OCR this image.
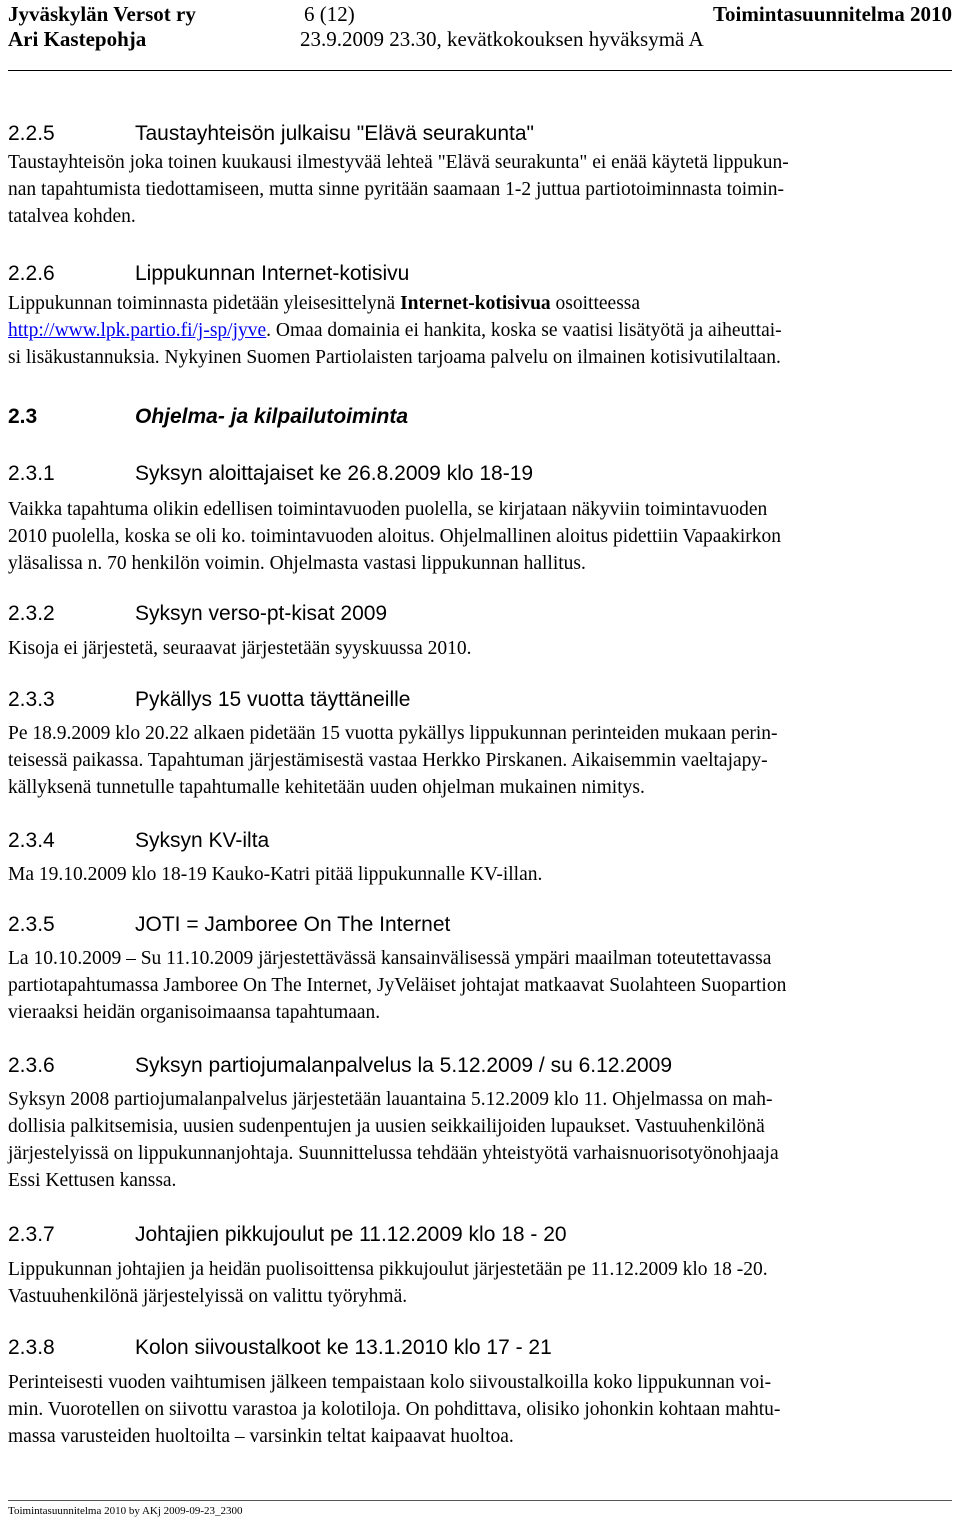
Jyväskylän Versot ry	6 (12)	Toimintasuunnitelma 2010
Ari Kastepohja	23.9.2009 23.30, kevätkokouksen hyväksymä A
2.2.5	Taustayhteisön julkaisu "Elävä seurakunta"
Taustayhteisön joka toinen kuukausi ilmestyvää lehteä "Elävä seurakunta" ei enää käytetä lippukun-
nan tapahtumista tiedottamiseen, mutta sinne pyritään saamaan 1-2 juttua partiotoiminnasta toimin-
tatalvea kohden.
2.2.6	Lippukunnan Internet-kotisivu
Lippukunnan toiminnasta pidetään yleisesittelynä Internet-kotisivua osoitteessa
http://www.lpk.partio.fi/j-sp/jyve. Omaa domainia ei hankita, koska se vaatisi lisätyötä ja aiheuttai-
si lisäkustannuksia. Nykyinen Suomen Partiolaisten tarjoama palvelu on ilmainen kotisivutilaltaan.
2.3	Ohjelma- ja kilpailutoiminta
2.3.1	Syksyn aloittajaiset ke 26.8.2009 klo 18-19
Vaikka tapahtuma olikin edellisen toimintavuoden puolella, se kirjataan näkyviin toimintavuoden
2010 puolella, koska se oli ko. toimintavuoden aloitus. Ohjelmallinen aloitus pidettiin Vapaakirkon
yläsalissa n. 70 henkilön voimin. Ohjelmasta vastasi lippukunnan hallitus.
2.3.2	Syksyn verso-pt-kisat 2009
Kisoja ei järjestetä, seuraavat järjestetään syyskuussa 2010.
2.3.3	Pykällys 15 vuotta täyttäneille
Pe 18.9.2009 klo 20.22 alkaen pidetään 15 vuotta pykällys lippukunnan perinteiden mukaan perin-
teisessä paikassa. Tapahtuman järjestämisestä vastaa Herkko Pirskanen. Aikaisemmin vaeltajapy-
källyksenä tunnetulle tapahtumalle kehitetään uuden ohjelman mukainen nimitys.
2.3.4	Syksyn KV-ilta
Ma 19.10.2009 klo 18-19 Kauko-Katri pitää lippukunnalle KV-illan.
2.3.5	JOTI = Jamboree On The Internet
La 10.10.2009 – Su 11.10.2009 järjestettävässä kansainvälisessä ympäri maailman toteutettavassa
partiotapahtumassa Jamboree On The Internet, JyVeläiset johtajat matkaavat Suolahteen Suopartion
vieraaksi heidän organisoimaansa tapahtumaan.
2.3.6	Syksyn partiojumalanpalvelus la 5.12.2009 / su 6.12.2009
Syksyn 2008 partiojumalanpalvelus järjestetään lauantaina 5.12.2009 klo 11. Ohjelmassa on mah-
dollisia palkitsemisia, uusien sudenpentujen ja uusien seikkailijoiden lupaukset. Vastuuhenkilönä
järjestelyissä on lippukunnanjohtaja. Suunnittelussa tehdään yhteistyötä varhaisnuorisotyönohjaaja
Essi Kettusen kanssa.
2.3.7	Johtajien pikkujoulut pe 11.12.2009 klo 18 - 20
Lippukunnan johtajien ja heidän puolisoittensa pikkujoulut järjestetään pe 11.12.2009 klo 18 -20.
Vastuuhenkilönä järjestelyissä on valittu työryhmä.
2.3.8	Kolon siivoustalkoot ke 13.1.2010 klo 17 - 21
Perinteisesti vuoden vaihtumisen jälkeen tempaistaan kolo siivoustalkoilla koko lippukunnan voi-
min. Vuorotellen on siivottu varastoa ja kolotiloja. On pohdittava, olisiko johonkin kohtaan mahtu-
massa varusteiden huoltoilta – varsinkin teltat kaipaavat huoltoa.
Toimintasuunnitelma 2010 by AKj 2009-09-23_2300
